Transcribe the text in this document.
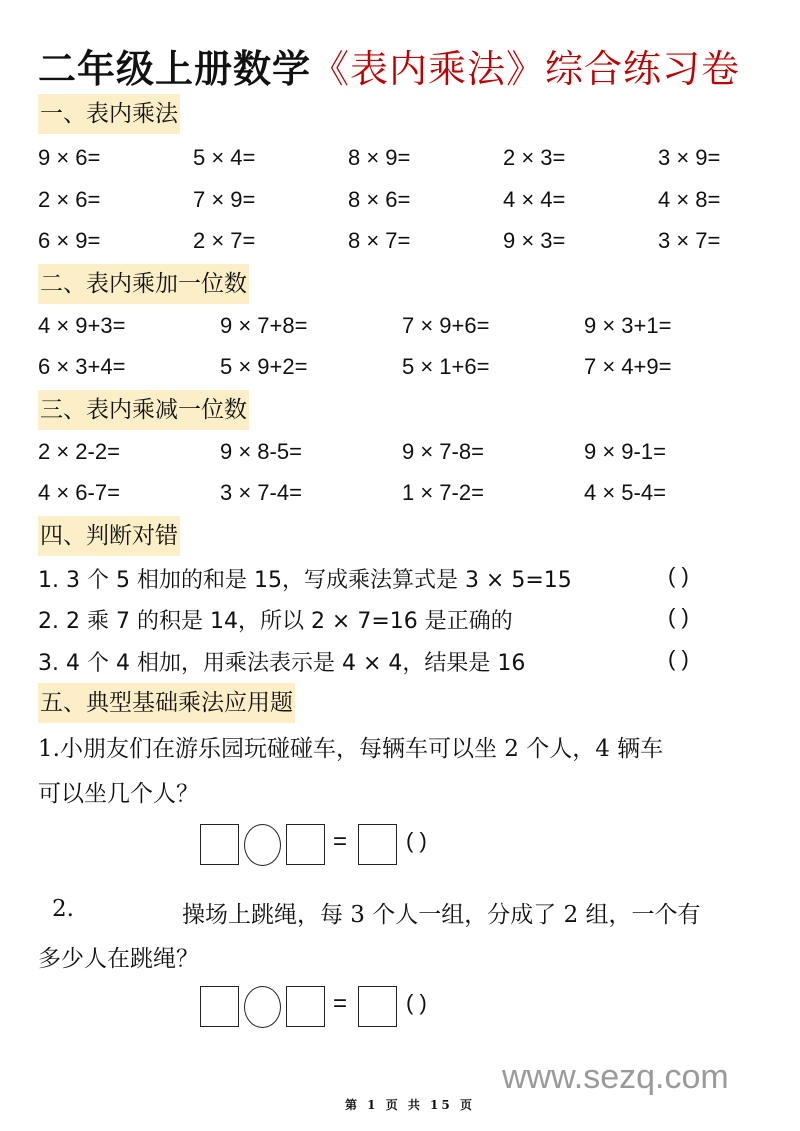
二年级上册数学《表内乘法》综合练习卷
一、表内乘法
9 × 6=	5 × 4=	8 × 9=	2 × 3=	3 × 9=
2 × 6=	7 × 9=	8 × 6=	4 × 4=	4 × 8=
6 × 9=	2 × 7=	8 × 7=	9 × 3=	3 × 7=
二、表内乘加一位数
4 × 9+3=	9 × 7+8=	7 × 9+6=	9 × 3+1=
6 × 3+4=	5 × 9+2=	5 × 1+6=	7 × 4+9=
三、表内乘减一位数
2 × 2-2=	9 × 8-5=	9 × 7-8=	9 × 9-1=
4 × 6-7=	3 × 7-4=	1 × 7-2=	4 × 5-4=
四、判断对错
1. 3 个 5 相加的和是 15，写成乘法算式是 3 × 5=15	( )
2. 2 乘 7 的积是 14，所以 2 × 7=16 是正确的	( )
3. 4 个 4 相加，用乘法表示是 4 × 4，结果是 16	( )
五、典型基础乘法应用题
1.小朋友们在游乐园玩碰碰车，每辆车可以坐 2 个人，4 辆车
可以坐几个人？
=	( )
2.	操场上跳绳，每 3 个人一组，分成了 2 组，一个有
多少人在跳绳？
=	( )
www.sezq.com
第 1 页 共 15 页
